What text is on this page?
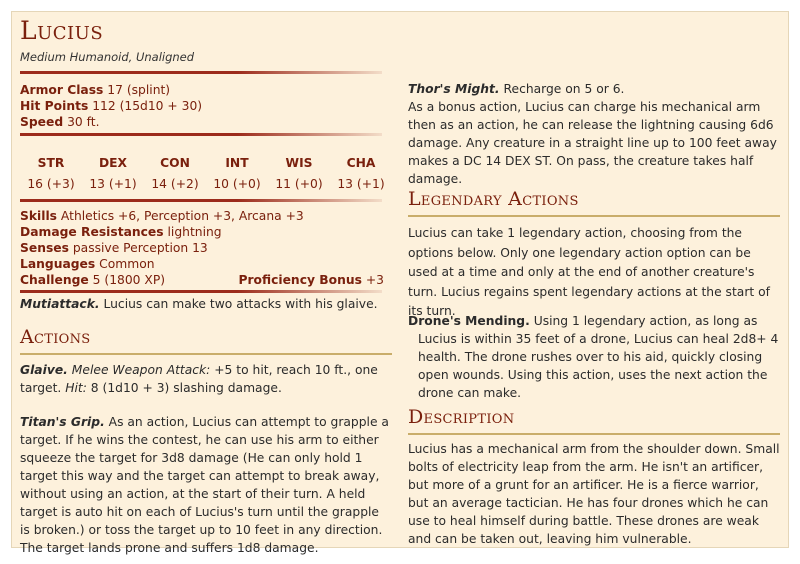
Lucius
Medium Humanoid, Unaligned
Armor Class 17 (splint)
Hit Points 112 (15d10 + 30)
Speed 30 ft.
STR
16 (+3)
DEX
13 (+1)
CON
14 (+2)
INT
10 (+0)
WIS
11 (+0)
CHA
13 (+1)
Skills Athletics +6, Perception +3, Arcana +3
Damage Resistances lightning
Senses passive Perception 13
Languages Common
Challenge 5 (1800 XP)	Proficiency Bonus +3

Mutiattack. Lucius can make two attacks with his glaive.

Actions

Glaive. Melee Weapon Attack: +5 to hit, reach 10 ft., one target. Hit: 8 (1d10 + 3) slashing damage.

Titan's Grip. As an action, Lucius can attempt to grapple a target. If he wins the contest, he can use his arm to either squeeze the target for 3d8 damage (He can only hold 1 target this way and the target can attempt to break away, without using an action, at the start of their turn. A held target is auto hit on each of Lucius's turn until the grapple is broken.) or toss the target up to 10 feet in any direction. The target lands prone and suffers 1d8 damage.

Thor's Might. Recharge on 5 or 6.
As a bonus action, Lucius can charge his mechanical arm then as an action, he can release the lightning causing 6d6 damage. Any creature in a straight line up to 100 feet away makes a DC 14 DEX ST. On pass, the creature takes half damage.

Legendary Actions

Lucius can take 1 legendary action, choosing from the options below. Only one legendary action option can be used at a time and only at the end of another creature's turn. Lucius regains spent legendary actions at the start of its turn.

Drone's Mending. Using 1 legendary action, as long as Lucius is within 35 feet of a drone, Lucius can heal 2d8+ 4 health. The drone rushes over to his aid, quickly closing open wounds. Using this action, uses the next action the drone can make.

Description

Lucius has a mechanical arm from the shoulder down. Small bolts of electricity leap from the arm. He isn't an artificer, but more of a grunt for an artificer. He is a fierce warrior, but an average tactician. He has four drones which he can use to heal himself during battle. These drones are weak and can be taken out, leaving him vulnerable.
